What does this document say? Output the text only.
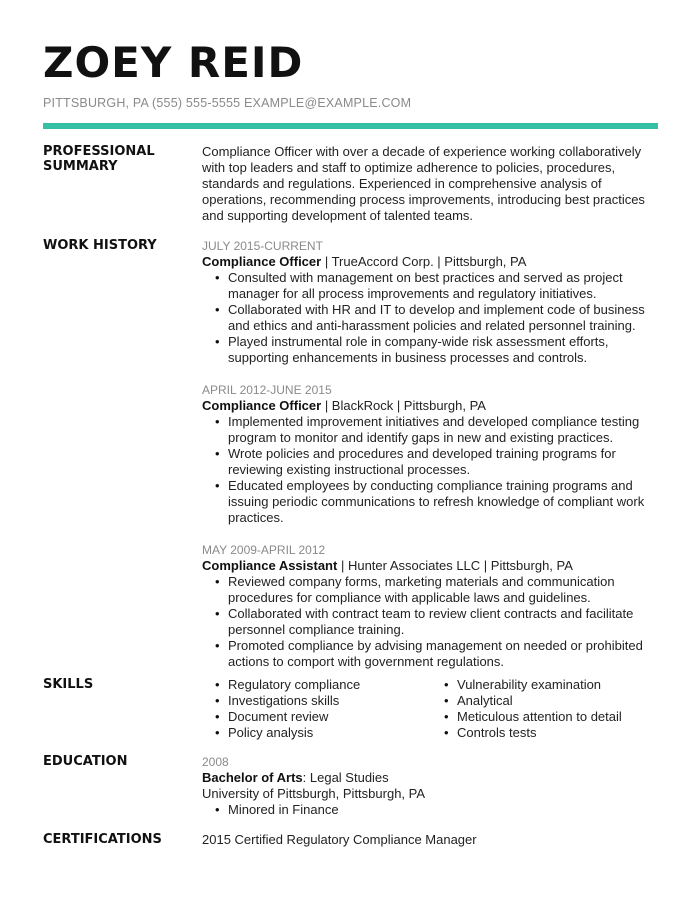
ZOEY REID
PITTSBURGH, PA (555) 555-5555 EXAMPLE@EXAMPLE.COM
PROFESSIONAL SUMMARY
Compliance Officer with over a decade of experience working collaboratively with top leaders and staff to optimize adherence to policies, procedures, standards and regulations. Experienced in comprehensive analysis of operations, recommending process improvements, introducing best practices and supporting development of talented teams.
WORK HISTORY	JULY 2015-CURRENT
Compliance Officer | TrueAccord Corp. | Pittsburgh, PA
• Consulted with management on best practices and served as project manager for all process improvements and regulatory initiatives.
• Collaborated with HR and IT to develop and implement code of business and ethics and anti-harassment policies and related personnel training.
• Played instrumental role in company-wide risk assessment efforts, supporting enhancements in business processes and controls.
APRIL 2012-JUNE 2015
Compliance Officer | BlackRock | Pittsburgh, PA
• Implemented improvement initiatives and developed compliance testing program to monitor and identify gaps in new and existing practices.
• Wrote policies and procedures and developed training programs for reviewing existing instructional processes.
• Educated employees by conducting compliance training programs and issuing periodic communications to refresh knowledge of compliant work practices.
MAY 2009-APRIL 2012
Compliance Assistant | Hunter Associates LLC | Pittsburgh, PA
• Reviewed company forms, marketing materials and communication procedures for compliance with applicable laws and guidelines.
• Collaborated with contract team to review client contracts and facilitate personnel compliance training.
• Promoted compliance by advising management on needed or prohibited actions to comport with government regulations.
SKILLS
•	Regulatory compliance
• Investigations skills
• Document review
• Policy analysis
• Vulnerability examination
• Analytical
• Meticulous attention to detail
• Controls tests
EDUCATION	2008
Bachelor of Arts: Legal Studies
University of Pittsburgh, Pittsburgh, PA
• Minored in Finance
CERTIFICATIONS	2015 Certified Regulatory Compliance Manager
